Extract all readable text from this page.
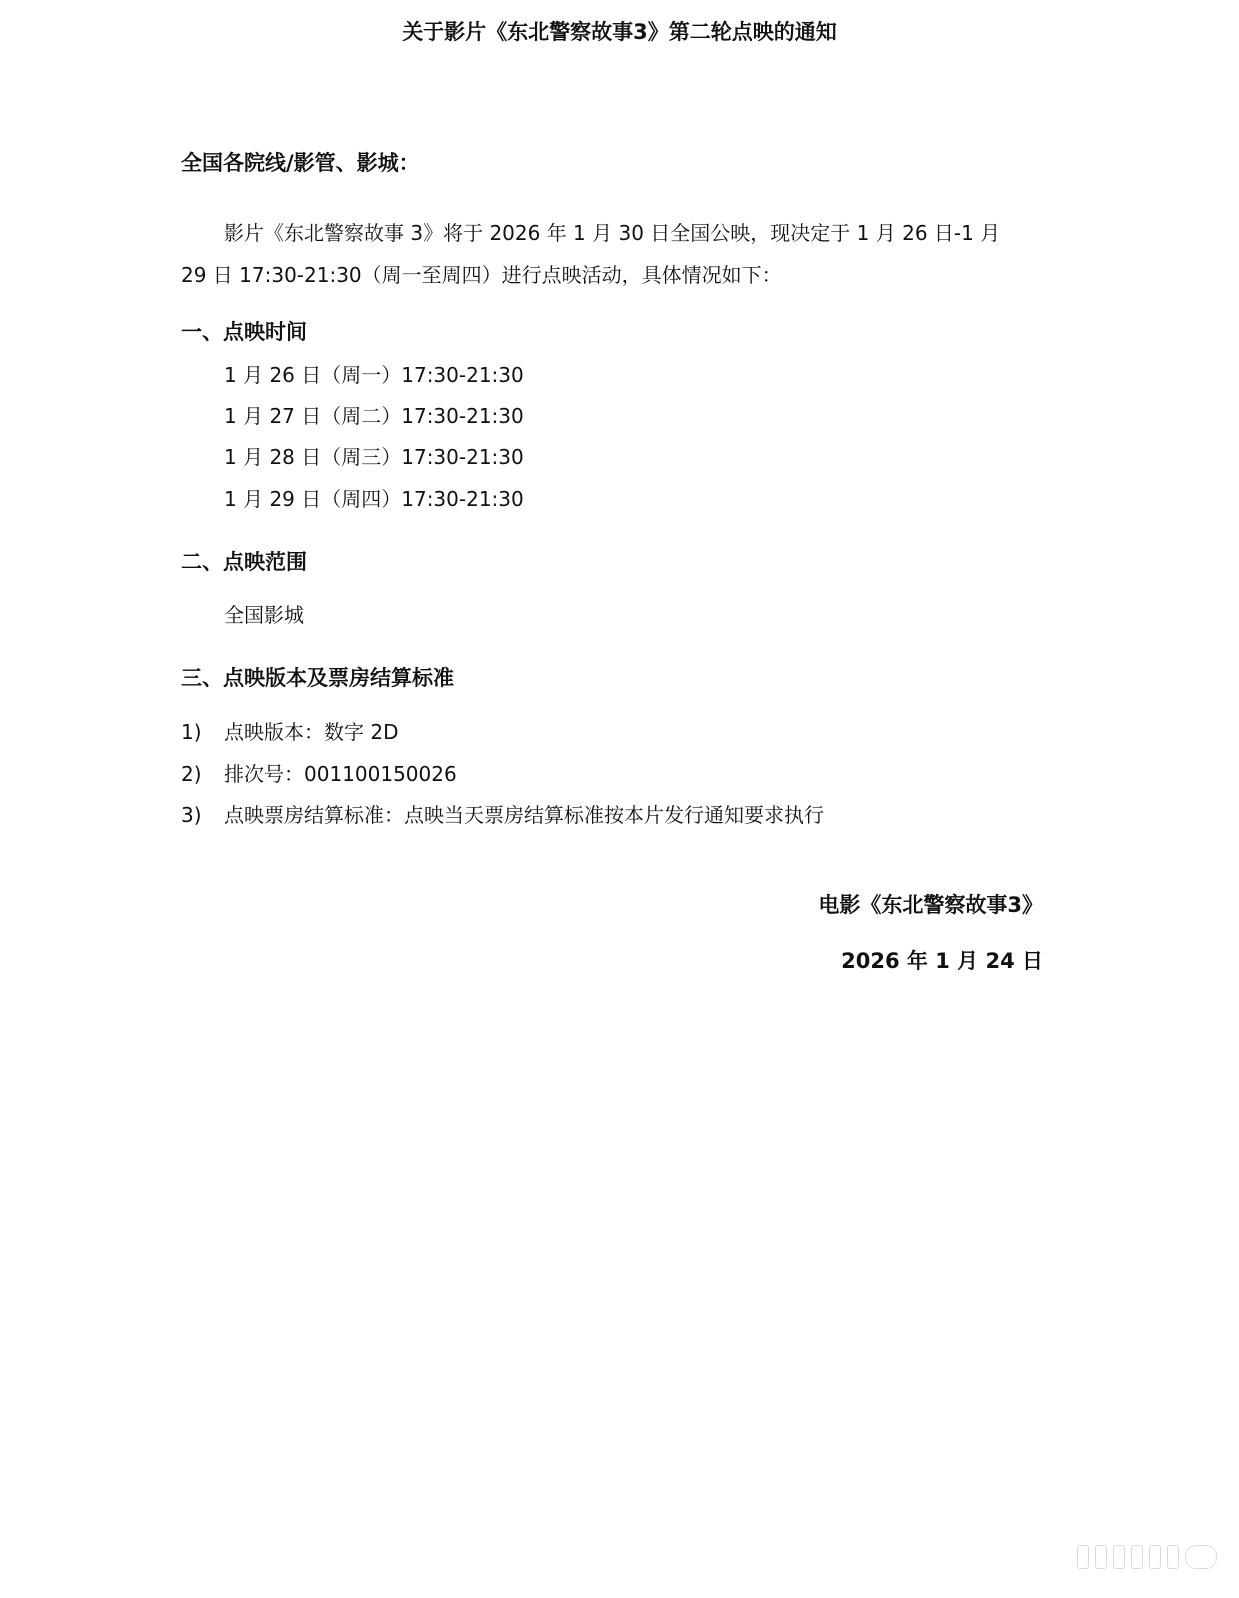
关于影片《东北警察故事3》第二轮点映的通知
全国各院线/影管、影城：
影片《东北警察故事 3》将于 2026 年 1 月 30 日全国公映，现决定于 1 月 26 日-1 月
29 日 17:30-21:30（周一至周四）进行点映活动，具体情况如下：
一、点映时间
1 月 26 日（周一）17:30-21:30
1 月 27 日（周二）17:30-21:30
1 月 28 日（周三）17:30-21:30
1 月 29 日（周四）17:30-21:30
二、点映范围
全国影城
三、点映版本及票房结算标准
1) 点映版本：数字 2D
2) 排次号：001100150026
3) 点映票房结算标准：点映当天票房结算标准按本片发行通知要求执行
电影《东北警察故事3》
2026 年 1 月 24 日
